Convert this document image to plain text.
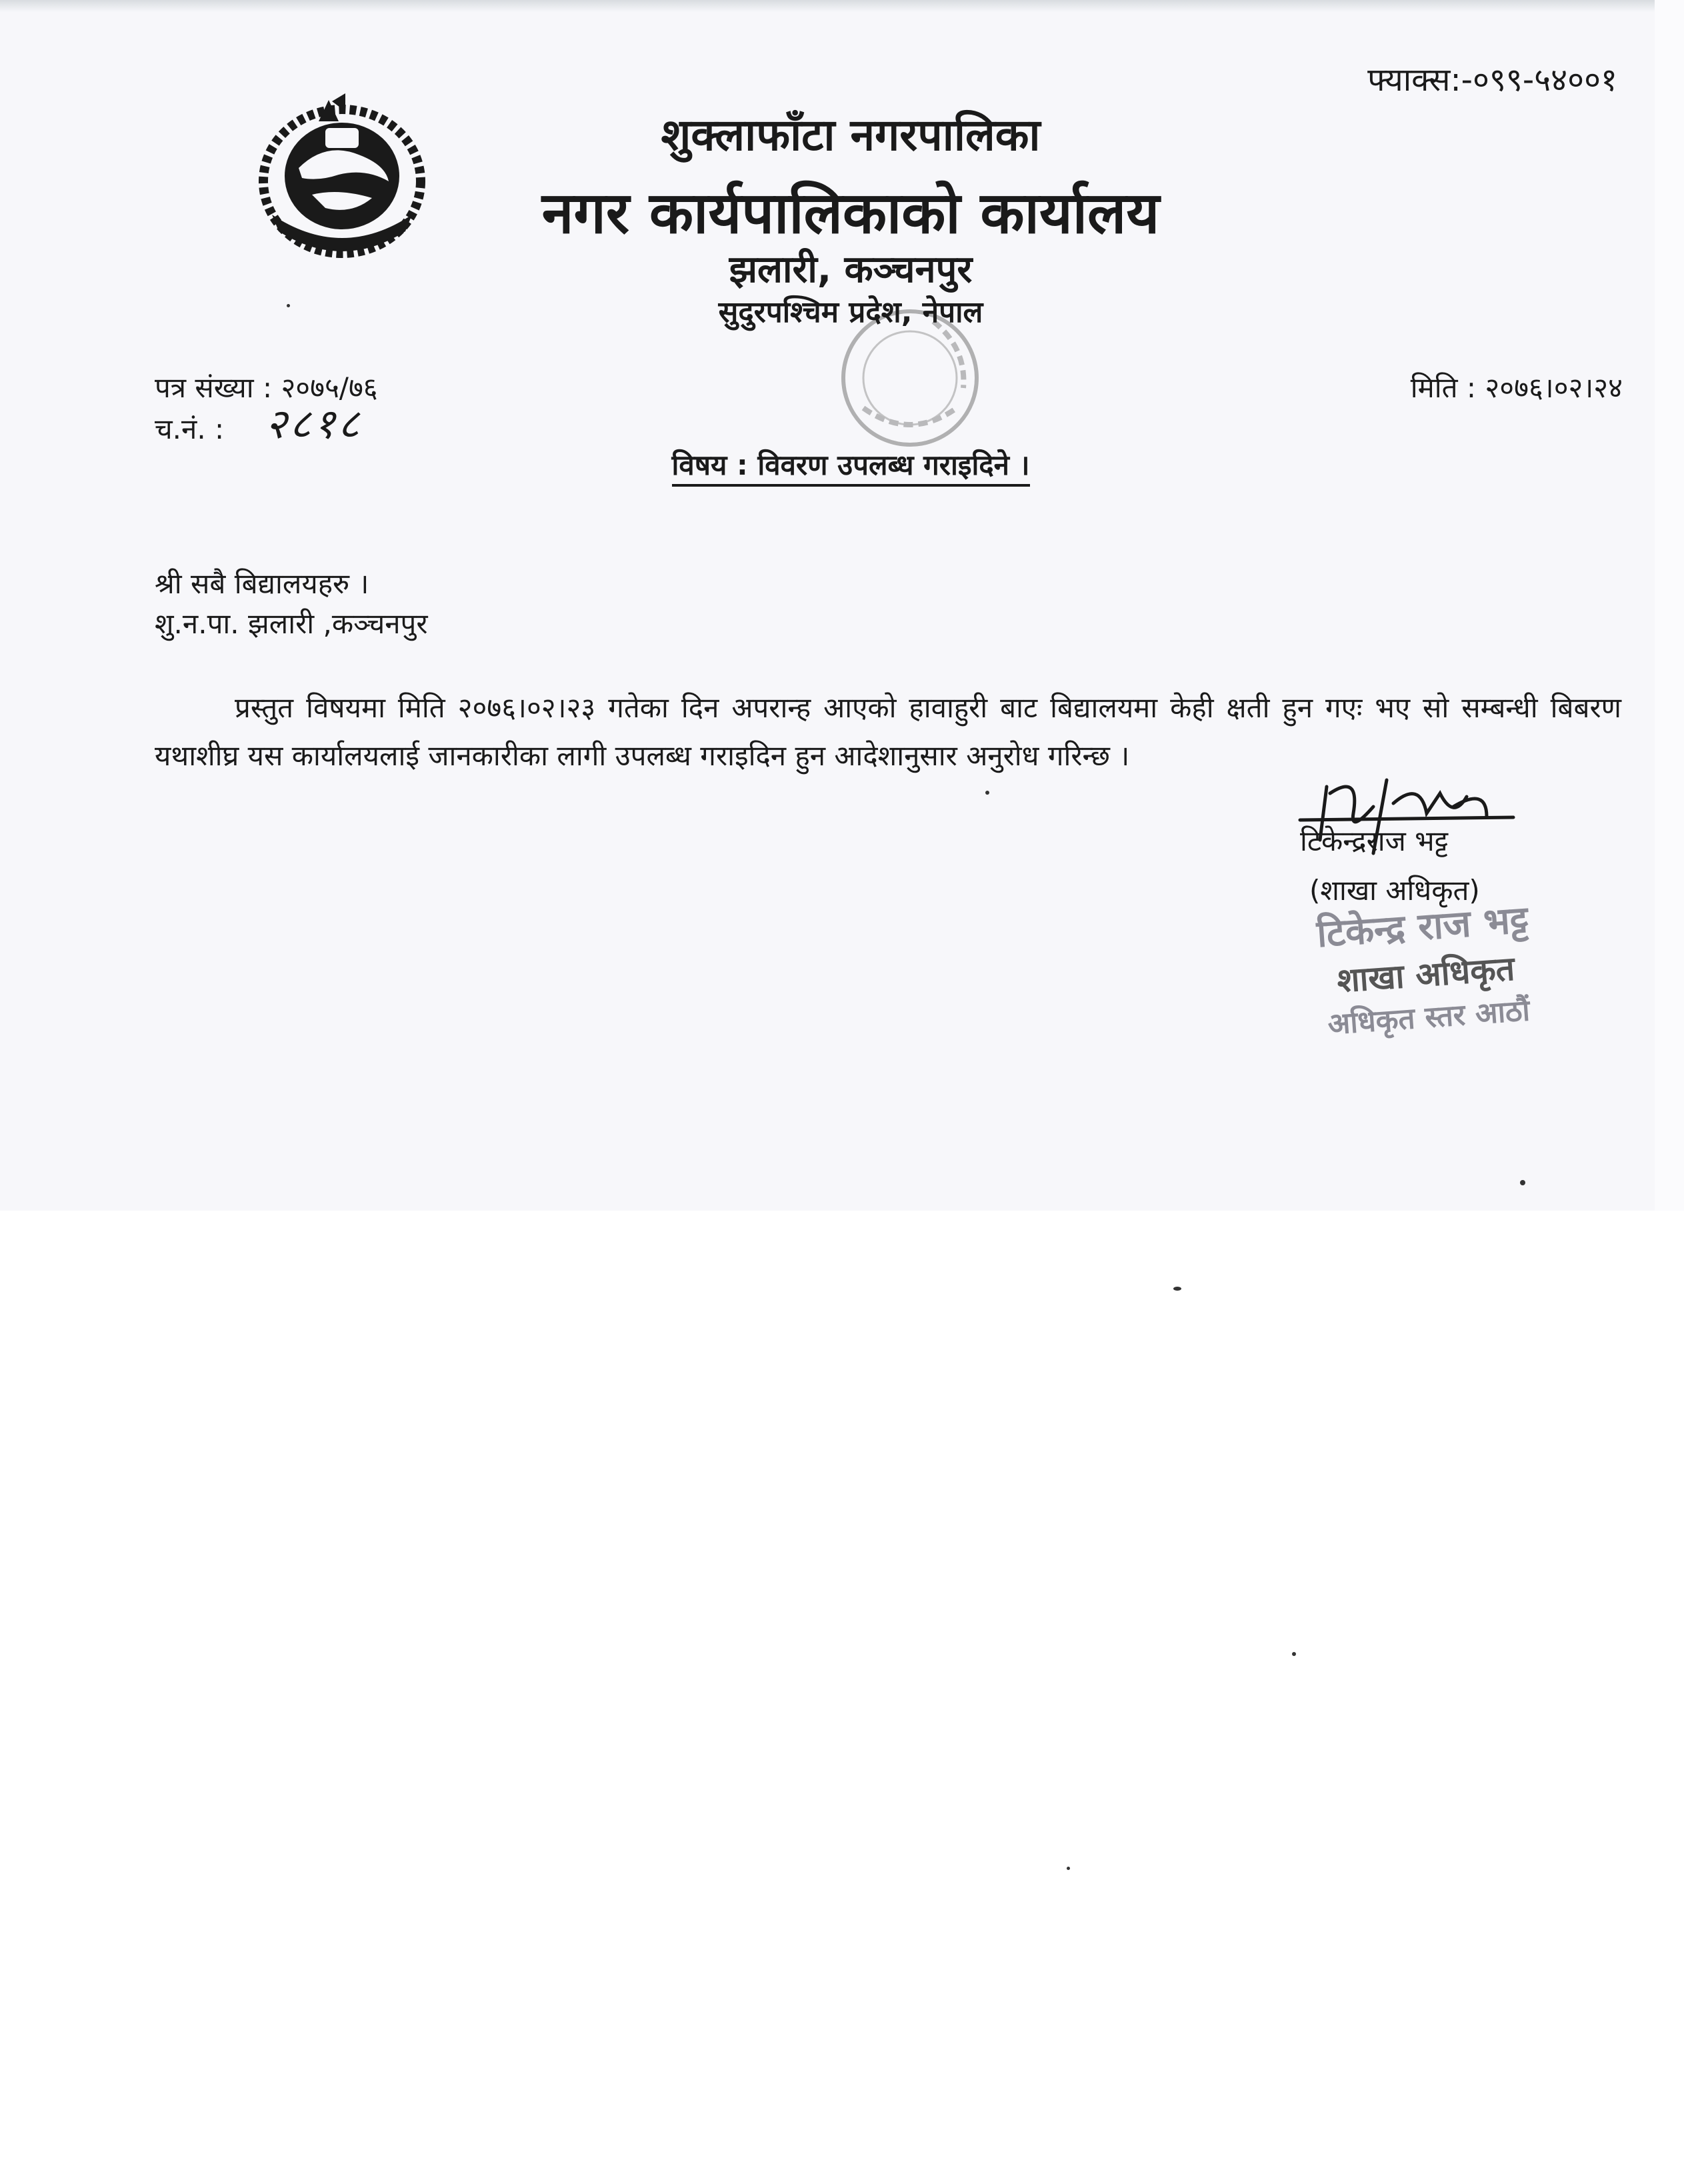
फ्याक्स:-०९९-५४००१
शुक्लाफाँटा नगरपालिका
नगर कार्यपालिकाको कार्यालय
झलारी, कञ्चनपुर
सुदुरपश्चिम प्रदेश, नेपाल
पत्र संख्या : २०७५/७६
च.नं. : २८१८
मिति : २०७६।०२।२४
विषय : विवरण उपलब्ध गराइदिने ।
श्री सबै बिद्यालयहरु ।
शु.न.पा. झलारी ,कञ्चनपुर
प्रस्तुत विषयमा मिति २०७६।०२।२३ गतेका दिन अपरान्ह आएको हावाहुरी बाट बिद्यालयमा केही क्षती हुन गएः भए सो सम्बन्धी बिबरण यथाशीघ्र यस कार्यालयलाई जानकारीका लागी उपलब्ध गराइदिन हुन आदेशानुसार अनुरोध गरिन्छ ।
टिकेन्द्रराज भट्ट
(शाखा अधिकृत)
टिकेन्द्र राज भट्ट
शाखा अधिकृत
अधिकृत स्तर आठौं
